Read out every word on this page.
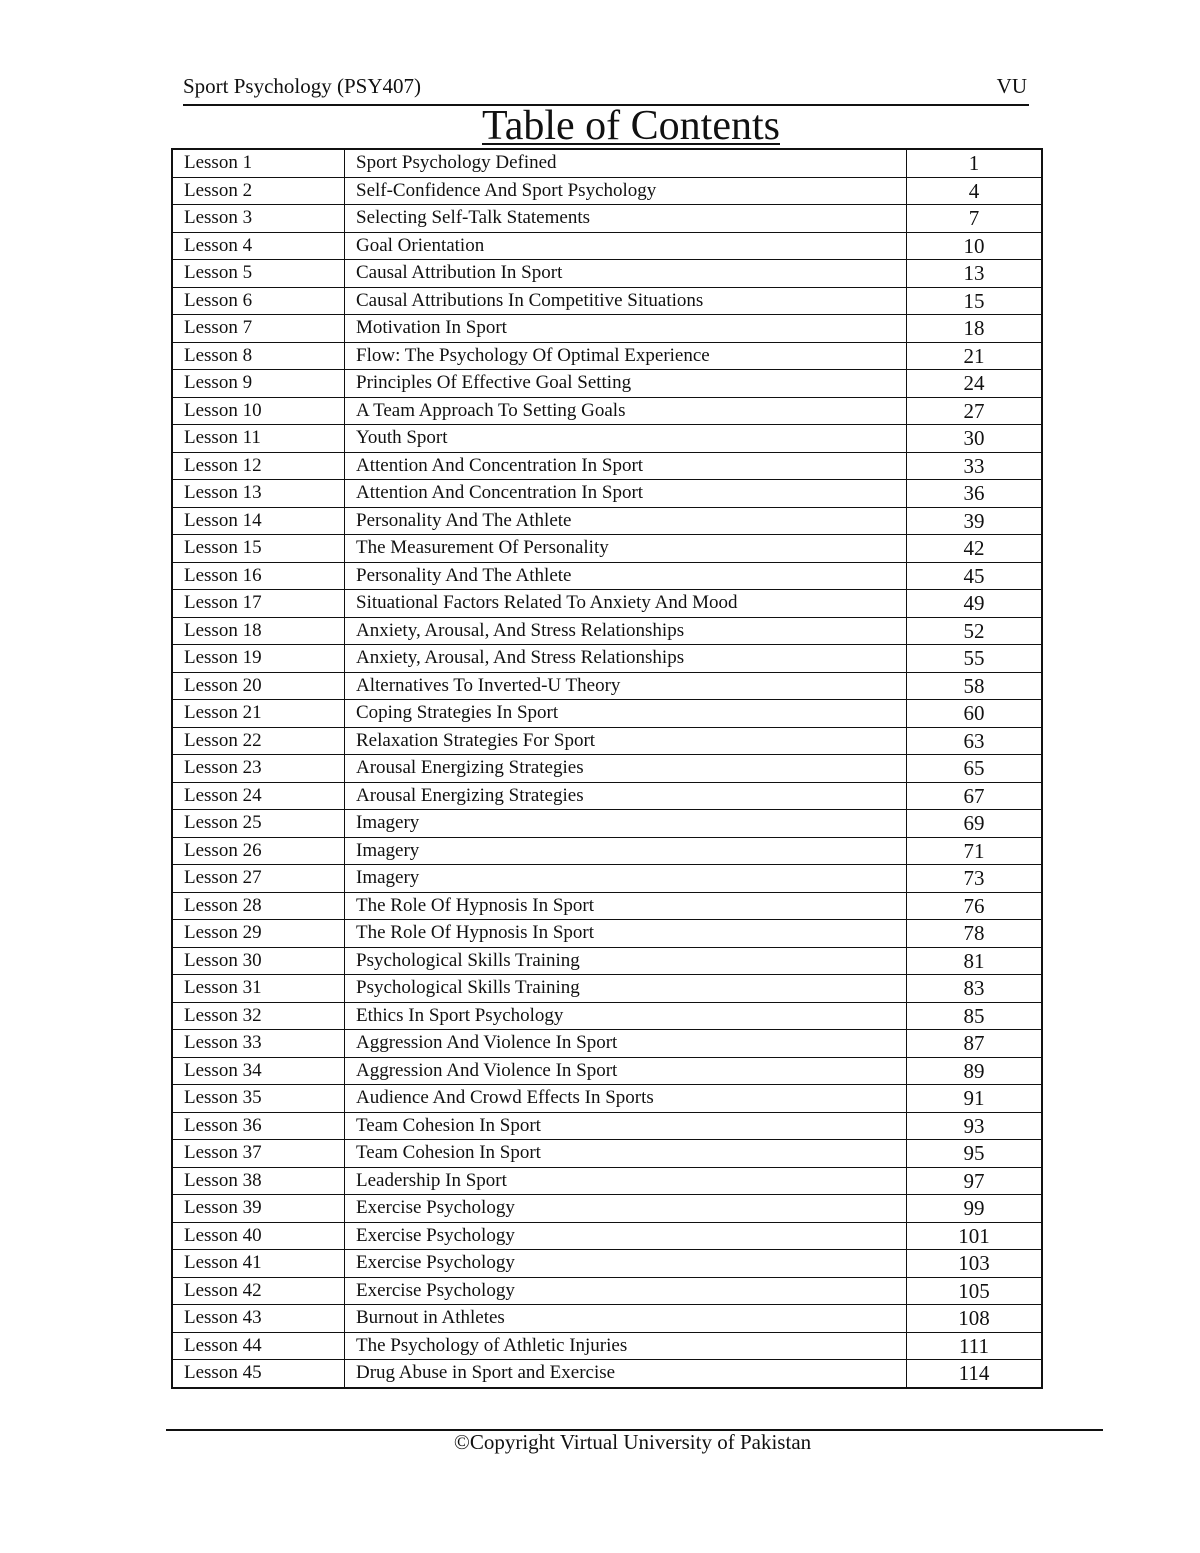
Sport Psychology (PSY407)	VU
Table of Contents
Lesson 1	Sport Psychology Defined	1
Lesson 2	Self-Confidence And Sport Psychology	4
Lesson 3	Selecting Self-Talk Statements	7
Lesson 4	Goal Orientation	10
Lesson 5	Causal Attribution In Sport	13
Lesson 6	Causal Attributions In Competitive Situations	15
Lesson 7	Motivation In Sport	18
Lesson 8	Flow: The Psychology Of Optimal Experience	21
Lesson 9	Principles Of Effective Goal Setting	24
Lesson 10	A Team Approach To Setting Goals	27
Lesson 11	Youth Sport	30
Lesson 12	Attention And Concentration In Sport	33
Lesson 13	Attention And Concentration In Sport	36
Lesson 14	Personality And The Athlete	39
Lesson 15	The Measurement Of Personality	42
Lesson 16	Personality And The Athlete	45
Lesson 17	Situational Factors Related To Anxiety And Mood	49
Lesson 18	Anxiety, Arousal, And Stress Relationships	52
Lesson 19	Anxiety, Arousal, And Stress Relationships	55
Lesson 20	Alternatives To Inverted-U Theory	58
Lesson 21	Coping Strategies In Sport	60
Lesson 22	Relaxation Strategies For Sport	63
Lesson 23	Arousal Energizing Strategies	65
Lesson 24	Arousal Energizing Strategies	67
Lesson 25	Imagery	69
Lesson 26	Imagery	71
Lesson 27	Imagery	73
Lesson 28	The Role Of Hypnosis In Sport	76
Lesson 29	The Role Of Hypnosis In Sport	78
Lesson 30	Psychological Skills Training	81
Lesson 31	Psychological Skills Training	83
Lesson 32	Ethics In Sport Psychology	85
Lesson 33	Aggression And Violence In Sport	87
Lesson 34	Aggression And Violence In Sport	89
Lesson 35	Audience And Crowd Effects In Sports	91
Lesson 36	Team Cohesion In Sport	93
Lesson 37	Team Cohesion In Sport	95
Lesson 38	Leadership In Sport	97
Lesson 39	Exercise Psychology	99
Lesson 40	Exercise Psychology	101
Lesson 41	Exercise Psychology	103
Lesson 42	Exercise Psychology	105
Lesson 43	Burnout in Athletes	108
Lesson 44	The Psychology of Athletic Injuries	111
Lesson 45	Drug Abuse in Sport and Exercise	114
©Copyright Virtual University of Pakistan
